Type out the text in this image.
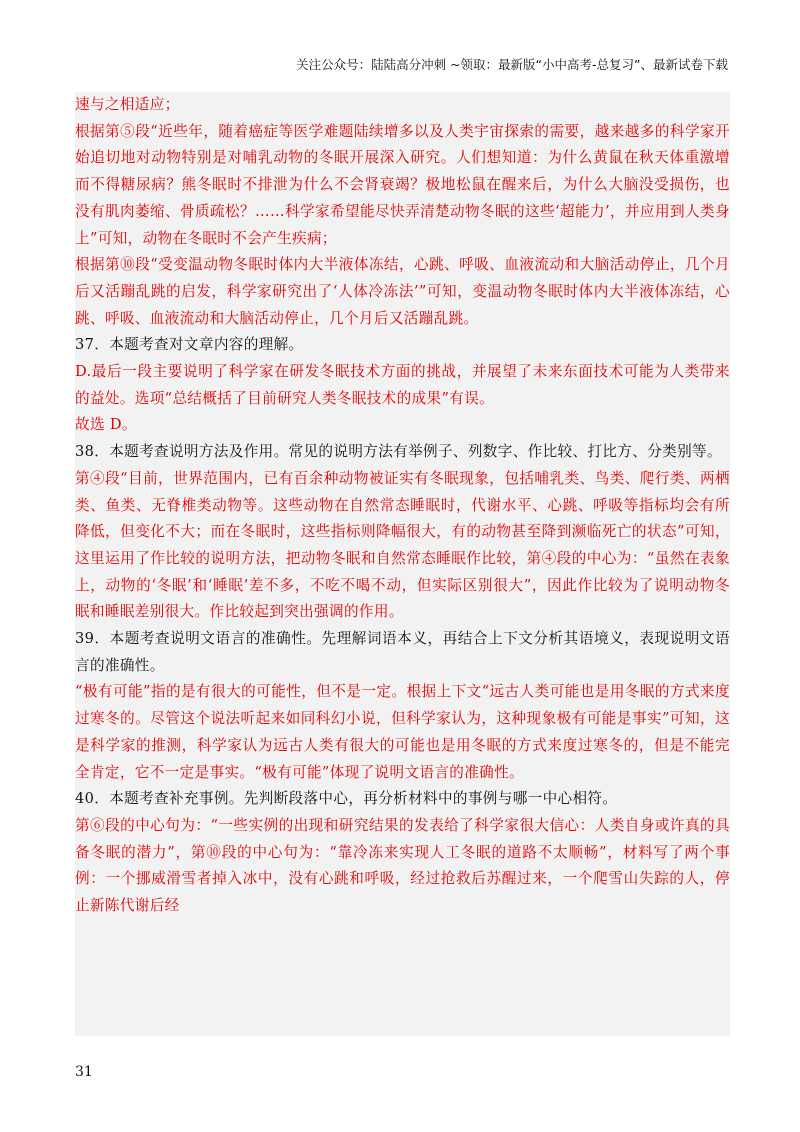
关注公众号：陆陆高分冲刺 ~领取：最新版“小中高考-总复习”、最新试卷下载

速与之相适应；

根据第⑤段“近些年，随着癌症等医学难题陆续增多以及人类宇宙探索的需要，越来越多的科学家开始追切地对动物特别是对哺乳动物的冬眠开展深入研究。人们想知道：为什么黄鼠在秋天体重激增而不得糖尿病？熊冬眠时不排泄为什么不会肾衰竭？极地松鼠在醒来后，为什么大脑没受损伤，也没有肌肉萎缩、骨质疏松？……科学家希望能尽快弄清楚动物冬眠的这些‘超能力’，并应用到人类身上”可知，动物在冬眠时不会产生疾病；

根据第⑩段“受变温动物冬眠时体内大半液体冻结，心跳、呼吸、血液流动和大脑活动停止，几个月后又活蹦乱跳的启发，科学家研究出了‘人体冷冻法’”可知，变温动物冬眠时体内大半液体冻结，心跳、呼吸、血液流动和大脑活动停止，几个月后又活蹦乱跳。

37．本题考查对文章内容的理解。

D.最后一段主要说明了科学家在研发冬眠技术方面的挑战，并展望了未来东面技术可能为人类带来的益处。选项“总结概括了目前研究人类冬眠技术的成果”有误。

故选 D。

38．本题考查说明方法及作用。常见的说明方法有举例子、列数字、作比较、打比方、分类别等。

第④段“目前，世界范围内，已有百余种动物被证实有冬眠现象，包括哺乳类、鸟类、爬行类、两栖类、鱼类、无脊椎类动物等。这些动物在自然常态睡眠时，代谢水平、心跳、呼吸等指标均会有所降低，但变化不大；而在冬眠时，这些指标则降幅很大，有的动物甚至降到濒临死亡的状态”可知，这里运用了作比较的说明方法，把动物冬眠和自然常态睡眠作比较，第④段的中心为：“虽然在表象上，动物的‘冬眠’和‘睡眠’差不多，不吃不喝不动，但实际区别很大”，因此作比较为了说明动物冬眠和睡眠差别很大。作比较起到突出强调的作用。

39．本题考查说明文语言的准确性。先理解词语本义，再结合上下文分析其语境义，表现说明文语言的准确性。

“极有可能”指的是有很大的可能性，但不是一定。根据上下文“远古人类可能也是用冬眠的方式来度过寒冬的。尽管这个说法听起来如同科幻小说，但科学家认为，这种现象极有可能是事实”可知，这是科学家的推测，科学家认为远古人类有很大的可能也是用冬眠的方式来度过寒冬的，但是不能完全肯定，它不一定是事实。“极有可能”体现了说明文语言的准确性。

40．本题考查补充事例。先判断段落中心，再分析材料中的事例与哪一中心相符。

第⑥段的中心句为：“一些实例的出现和研究结果的发表给了科学家很大信心：人类自身或许真的具备冬眠的潜力”，第⑩段的中心句为：“靠冷冻来实现人工冬眠的道路不太顺畅”，材料写了两个事例：一个挪威滑雪者掉入冰中，没有心跳和呼吸，经过抢救后苏醒过来，一个爬雪山失踪的人，停止新陈代谢后经

31
